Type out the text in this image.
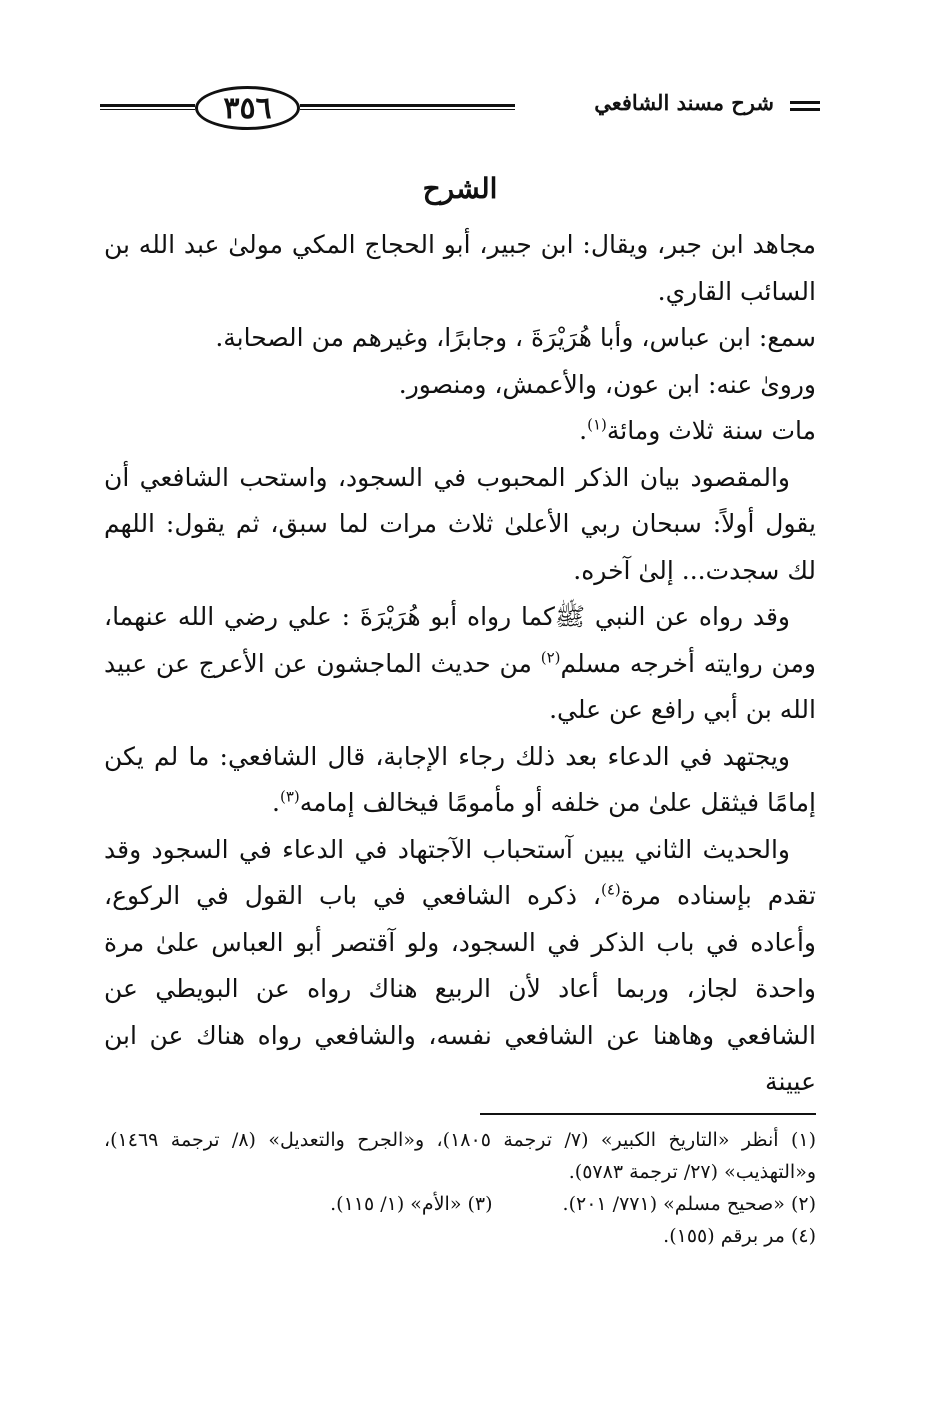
٣٥٦	شرح مسند الشافعي
الشرح

مجاهد ابن جبر، ويقال: ابن جبير، أبو الحجاج المكي مولىٰ عبد الله بن السائب القاري.

سمع: ابن عباس، وأبا هُرَيْرَةَ ، وجابرًا، وغيرهم من الصحابة.

وروىٰ عنه: ابن عون، والأعمش، ومنصور.

مات سنة ثلاث ومائة$^{(١)}$.

والمقصود بيان الذكر المحبوب في السجود، واستحب الشافعي أن يقول أولاً: سبحان ربي الأعلىٰ ثلاث مرات لما سبق، ثم يقول: اللهم لك سجدت... إلىٰ آخره.

وقد رواه عن النبي ﷺكما رواه أبو هُرَيْرَةَ : علي رضي الله عنهما، ومن روايته أخرجه مسلم$^{(٢)}$ من حديث الماجشون عن الأعرج عن عبيد الله بن أبي رافع عن علي.

ويجتهد في الدعاء بعد ذلك رجاء الإجابة، قال الشافعي: ما لم يكن إمامًا فيثقل علىٰ من خلفه أو مأمومًا فيخالف إمامه$^{(٣)}$.

والحديث الثاني يبين آستحباب الآجتهاد في الدعاء في السجود وقد تقدم بإسناده مرة$^{(٤)}$، ذكره الشافعي في باب القول في الركوع، وأعاده في باب الذكر في السجود، ولو آقتصر أبو العباس علىٰ مرة واحدة لجاز، وربما أعاد لأن الربيع هناك رواه عن البويطي عن الشافعي وهاهنا عن الشافعي نفسه، والشافعي رواه هناك عن ابن عيينة

(١) أنظر «التاريخ الكبير» (٧/ ترجمة ١٨٠٥)، و«الجرح والتعديل» (٨/ ترجمة ١٤٦٩)، و«التهذيب» (٢٧/ ترجمة ٥٧٨٣).

(٢) «صحيح مسلم» (٧٧١/ ٢٠١).
(٣) «الأم» (١/ ١١٥).

(٤) مر برقم (١٥٥).
